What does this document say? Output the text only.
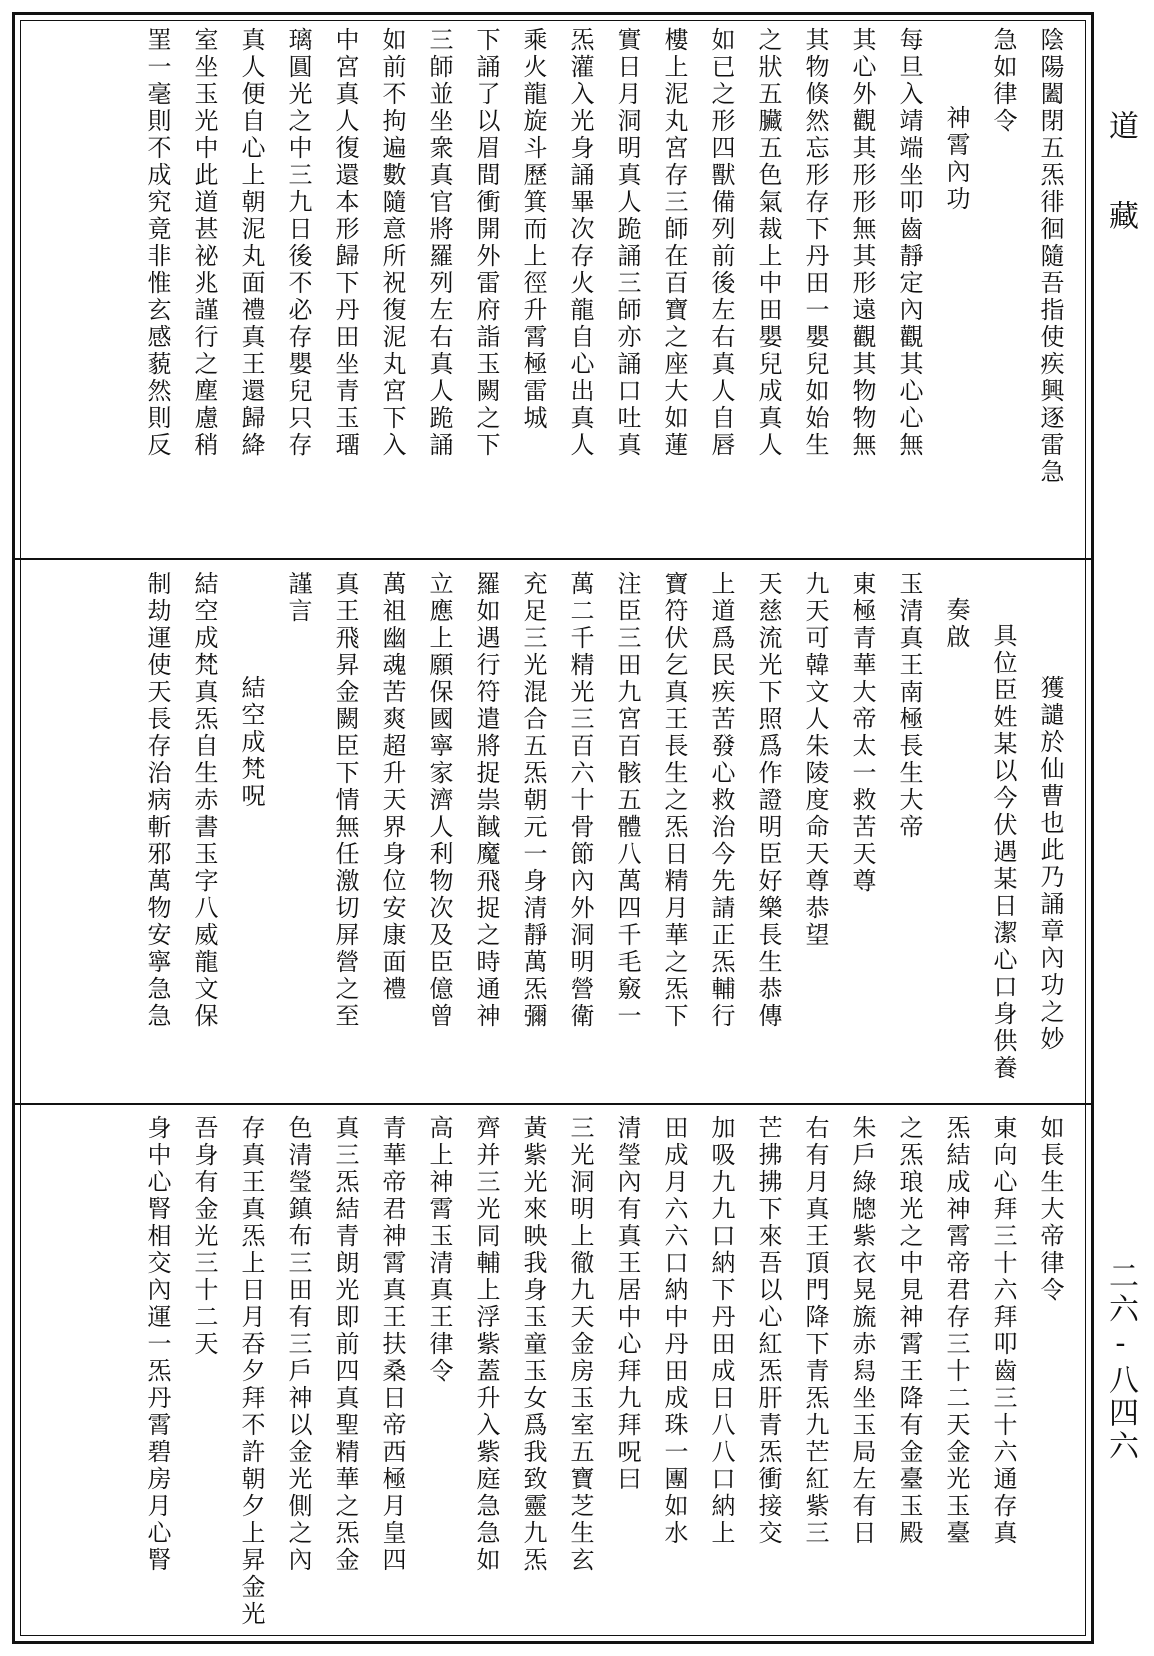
陰陽闔閉五炁徘徊隨吾指使疾興逐雷急
急如律令
神霄內功
每旦入靖端坐叩齒靜定內觀其心心無
其心外觀其形形無其形遠觀其物物無
其物倏然忘形存下丹田一嬰兒如始生
之狀五臟五色氣裁上中田嬰兒成真人
如已之形四獸備列前後左右真人自唇
樓上泥丸宮存三師在百寶之座大如蓮
實日月洞明真人跪誦三師亦誦口吐真
炁灌入光身誦畢次存火龍自心出真人
乘火龍旋斗歷箕而上徑升霄極雷城
下誦了以眉間衝開外雷府詣玉闕之下
三師並坐衆真官將羅列左右真人跪誦
如前不拘遍數隨意所祝復泥丸宮下入
中宮真人復還本形歸下丹田坐青玉璢
璃圓光之中三九日後不必存嬰兒只存
真人便自心上朝泥丸面禮真王還歸絳
室坐玉光中此道甚祕兆謹行之塵慮稍
罣一毫則不成究竟非惟玄感藐然則反
獲譴於仙曹也此乃誦章內功之妙
具位臣姓某以今伏遇某日潔心口身供養
奏啟
玉清真王南極長生大帝
東極青華大帝太一救苦天尊
九天可韓文人朱陵度命天尊恭望
天慈流光下照爲作證明臣好樂長生恭傳
上道爲民疾苦發心救治今先請正炁輔行
寶符伏乞真王長生之炁日精月華之炁下
注臣三田九宮百骸五體八萬四千毛竅一
萬二千精光三百六十骨節內外洞明營衛
充足三光混合五炁朝元一身清靜萬炁彌
羅如遇行符遣將捉祟馘魔飛捉之時通神
立應上願保國寧家濟人利物次及臣億曾
萬祖幽魂苦爽超升天界身位安康面禮
真王飛昇金闕臣下情無任激切屏營之至
謹言
結空成梵呪
結空成梵真炁自生赤書玉字八威龍文保
制劫運使天長存治病斬邪萬物安寧急急
如長生大帝律令
東向心拜三十六拜叩齒三十六通存真
炁結成神霄帝君存三十二天金光玉臺
之炁琅光之中見神霄王降有金臺玉殿
朱戶綠牕紫衣晃旒赤舄坐玉局左有日
右有月真王頂門降下青炁九芒紅紫三
芒拂拂下來吾以心紅炁肝青炁衝接交
加吸九九口納下丹田成日八八口納上
田成月六六口納中丹田成珠一團如水
清瑩內有真王居中心拜九拜呪曰
三光洞明上徹九天金房玉室五寶芝生玄
黃紫光來映我身玉童玉女爲我致靈九炁
齊并三光同輔上浮紫蓋升入紫庭急急如
高上神霄玉清真王律令
青華帝君神霄真王扶桑日帝西極月皇四
真三炁結青朗光即前四真聖精華之炁金
色清瑩鎮布三田有三戶神以金光側之內
存真王真炁上日月吞夕拜不許朝夕上昇金光
吾身有金光三十二天
身中心腎相交內運一炁丹霄碧房月心腎
道藏
二六-八四六
